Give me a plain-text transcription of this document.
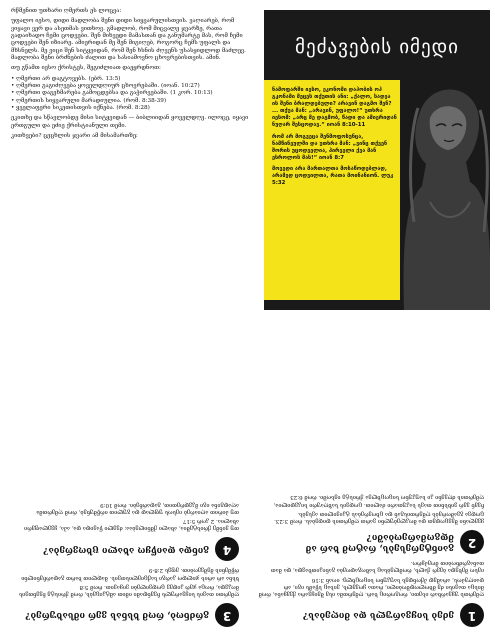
რწმენით უთხარი ღმერთს ეს ლოცვა:

უფალო იესო, დიდი მადლობა შენი დიდი სიყვარულისთვის. ვაღიარებ, რომ ვიყავი ვერ და ასეთმას ვითხოვ. გმადლობ, რომ მიცვალე ჯვარზე, რათა გადაიხადო ჩემი ცოდვები. შენ მიხვედი მამასთან და განუმარტე მას, რომ ჩემი ცოდვები შენ იზიარე. ამიერიდან მე შენ მიგიღებ, როგორც ჩემს უფალს და მხსნელს. მე ვიცი შენ სიტყვიდან, რომ შენ ხსნის ძღვენს უსასყიდლოდ მაძლევ. მადლობა შენი ბრძნების ძალით და სასიამოვნო ცხოვრებისთვის. ამინ.

თუ გწამთ იესო ქრისტეს, შეგიძლიათ დაეყრდნოთ:

• ღმერთი არ დაგტოვებს. (ებრ. 13:5)
• ღმერთი გაგიძღვება ყოველდღიურ ცხოვრებაში. (იოან. 10:27)
• ღმერთი დაგეხმარება გამოცდებსა და გაჭირვებაში. (1 კორ. 10:13)
• ღმერთის სიყვარული მარადიულია. (რომ. 8:38-39)
• ყველაფერი სიკეთისთვის იქნება. (რომ. 8:28)

ეკითხე და სწავლობდე მისი სიტყვიდან — ბიბლიიდან ყოველდღე. ილოცე, იყავი ერთგული და ეძიე ქრისტიანული თემი.

კითხვები? ცეცხლის ჯვარი ამ მისამართზე:

მეძავების იმედი

ნამოფარში იესო, ეკონომი დაჰობის ოჰ გკონამი მეცეს თქუთის ანი: „ქალო, სადეა ის შენი ბრალდებული? არავინ დაგმო შენ? ... თქუა მან: „არავინ, უფალო!“ უთხრა იესომ: „არც მე დაგმობ, წადი და ამიერიდან ნუღარ შესცოდავ.“ იოან 8:10-11

რომ არ მოგვეცა შენმოფოსუნცა, ნამწინეულში და უთხრა მან: „ვინც თქვენ შორის უცოდველია, პირველი ქვა მან ესროლოს მას!“ იოან 8:7

მოვედი არა მართალთა მოსაწოდებლად, არამედ ცოდვილთა, რათა მოინანიონ. ლუკ 5:32

1
ეძებ სიყვარულს და მიღებას?

ღმერთს უყვარხარ ისეთი, როგორიც ხარ. ღმერთმა ისე შეიყვარა ქვეყანა, რომ მისცა თავისი ძე მხოლოდშობილი, რათა ყოველს, ვისაც სწამს იგი, არ დაიღუპოს, არამედ ჰქონდეს საუკუნო სიცოცხლე. იოან 3:16

იესო შეხვდა ბევრ ქალს, რომლებსაც საზოგადოება განიკითხავდა, და მათ თანაგრძნობით მოეპყრო.

2
გაინტერესებს, რატომ ხარ ამ მდგომარეობაში?

ყველანი შევცოდეთ და მოკლებულნი ვართ ღმერთის დიდებას. რომ 3:23. ცოდვა გვაშორებს ღმერთისგან და ცხოვრებას ტკივილით ავსებს.

ჩვენ ვერ ვიხსნით თავს საკუთარი ძალით. ცოდვის საზღაური სიკვდილია, ღმერთის ძღვენი კი საუკუნო სიცოცხლეა ქრისტე იესოში. რომ 6:23

3
გრძნობ, რომ ხსნას ვერ იმსახურებ?

ღმერთი თავის სიყვარულს ჩვენდამი იმით ამტკიცებს, რომ ქრისტე ჩვენთვის მოკვდა, როცა ჯერ კიდევ ცოდვილები ვიყავით. რომ 5:8

ხსნა არ არის ჯილდო კარგი საქციელისთვის. მადლით ხართ გადარჩენილნი რწმენის მეშვეობით. ეფეს 2:8-9

4
გინდა დაიწყო ახალი ცხოვრება?

თუ ვინმე ქრისტეშია, ახალი ქმნილებაა: ძველი წავიდა და, აჰა, ყველაფერი ახალია. 2 კორ 5:17

თუ პირით აღიარებ იესოს უფლად და გულით ირწმუნებ, რომ ღმერთმა აღადგინა იგი მკვდრეთით, გადარჩები. რომ 10:9
